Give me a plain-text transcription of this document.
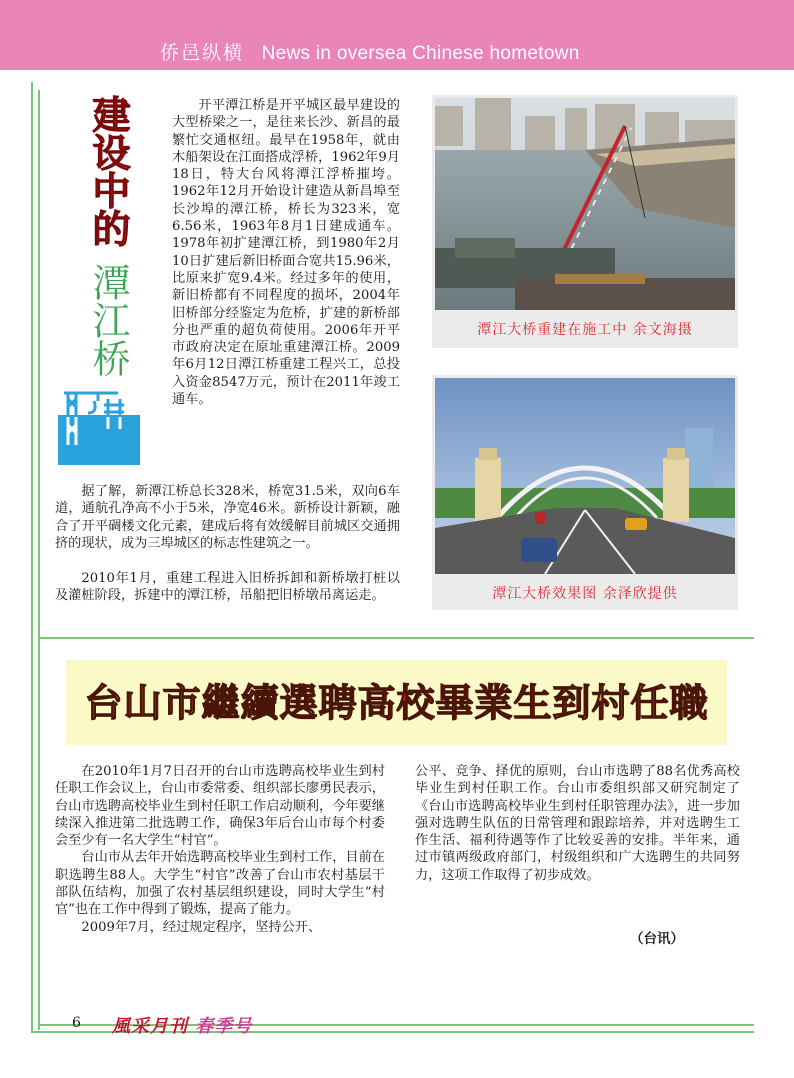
侨邑纵横 News in oversea Chinese hometown
建设中的
潭江桥
开平潭江桥是开平城区最早建设的大型桥梁之一，是往来长沙、新昌的最繁忙交通枢纽。最早在1958年，就由木船架设在江面搭成浮桥，1962年9月18日，特大台风将潭江浮桥摧垮。1962年12月开始设计建造从新昌埠至长沙埠的潭江桥，桥长为323米，宽6.56米，1963年8月1日建成通车。1978年初扩建潭江桥，到1980年2月10日扩建后新旧桥面合宽共15.96米，比原来扩宽9.4米。经过多年的使用，新旧桥都有不同程度的损坏，2004年旧桥部分经鉴定为危桥，扩建的新桥部分也严重的超负荷使用。2006年开平市政府决定在原址重建潭江桥。2009年6月12日潭江桥重建工程兴工，总投入资金8547万元，预计在2011年竣工通车。
据了解，新潭江桥总长328米，桥宽31.5米，双向6车道，通航孔净高不小于5米，净宽46米。新桥设计新颖，融合了开平碉楼文化元素，建成后将有效缓解目前城区交通拥挤的现状，成为三埠城区的标志性建筑之一。
2010年1月，重建工程进入旧桥拆卸和新桥墩打桩以及灌桩阶段，拆建中的潭江桥，吊船把旧桥墩吊离运走。
潭江大桥重建在施工中 余文海摄
潭江大桥效果图 余泽欣提供
台山市繼續選聘高校畢業生到村任職

在2010年1月7日召开的台山市选聘高校毕业生到村任职工作会议上，台山市委常委、组织部长廖勇民表示，台山市选聘高校毕业生到村任职工作启动顺利，今年要继续深入推进第二批选聘工作，确保3年后台山市每个村委会至少有一名大学生“村官”。

台山市从去年开始选聘高校毕业生到村工作，目前在职选聘生88人。大学生“村官”改善了台山市农村基层干部队伍结构，加强了农村基层组织建设，同时大学生“村官”也在工作中得到了锻炼，提高了能力。

2009年7月，经过规定程序，坚持公开、

公平、竞争、择优的原则，台山市选聘了88名优秀高校毕业生到村任职工作。台山市委组织部又研究制定了《台山市选聘高校毕业生到村任职管理办法》，进一步加强对选聘生队伍的日常管理和跟踪培养，并对选聘生工作生活、福利待遇等作了比较妥善的安排。半年来，通过市镇两级政府部门，村级组织和广大选聘生的共同努力，这项工作取得了初步成效。

（台讯）
6 風采月刊 春季号
